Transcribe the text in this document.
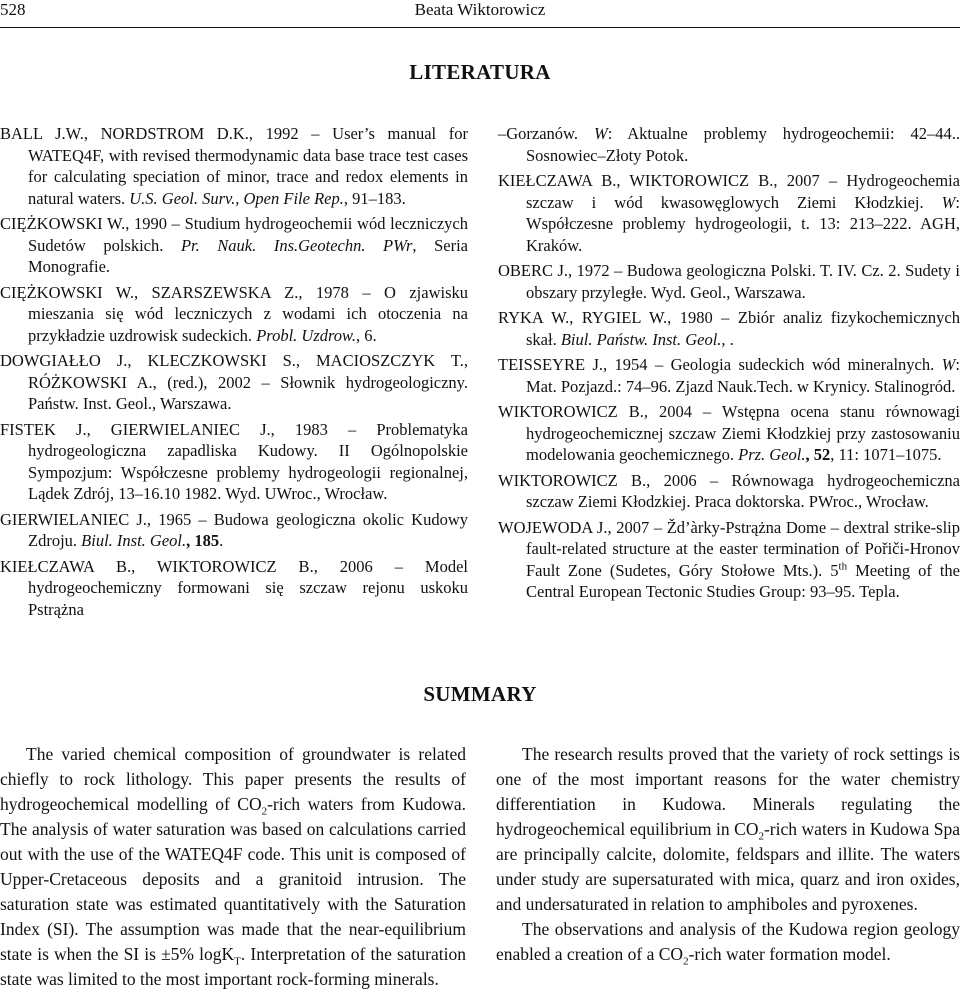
528	Beata Wiktorowicz
LITERATURA

BALL J.W., NORDSTROM D.K., 1992 – User’s manual for WATEQ4F, with revised thermodynamic data base trace test cases for calculating speciation of minor, trace and redox elements in natural waters. U.S. Geol. Surv., Open File Rep., 91–183.

CIĘŻKOWSKI W., 1990 – Studium hydrogeochemii wód leczniczych Sudetów polskich. Pr. Nauk. Ins.Geotechn. PWr, Seria Monografie.

CIĘŻKOWSKI W., SZARSZEWSKA Z., 1978 – O zjawisku mieszania się wód leczniczych z wodami ich otoczenia na przykładzie uzdrowisk sudeckich. Probl. Uzdrow., 6.

DOWGIAŁŁO J., KLECZKOWSKI S., MACIOSZCZYK T., RÓŻKOWSKI A., (red.), 2002 – Słownik hydrogeologiczny. Państw. Inst. Geol., Warszawa.

FISTEK J., GIERWIELANIEC J., 1983 – Problematyka hydrogeologiczna zapadliska Kudowy. II Ogólnopolskie Sympozjum: Współczesne problemy hydrogeologii regionalnej, Lądek Zdrój, 13–16.10 1982. Wyd. UWroc., Wrocław.

GIERWIELANIEC J., 1965 – Budowa geologiczna okolic Kudowy Zdroju. Biul. Inst. Geol., 185.

KIEŁCZAWA B., WIKTOROWICZ B., 2006 – Model hydrogeochemiczny formowani się szczaw rejonu uskoku Pstrążna

–Gorzanów. W: Aktualne problemy hydrogeochemii: 42–44.. Sosnowiec–Złoty Potok.

KIEŁCZAWA B., WIKTOROWICZ B., 2007 – Hydrogeochemia szczaw i wód kwasowęglowych Ziemi Kłodzkiej. W: Współczesne problemy hydrogeologii, t. 13: 213–222. AGH, Kraków.

OBERC J., 1972 – Budowa geologiczna Polski. T. IV. Cz. 2. Sudety i obszary przyległe. Wyd. Geol., Warszawa.

RYKA W., RYGIEL W., 1980 – Zbiór analiz fizykochemicznych skał. Biul. Państw. Inst. Geol., .

TEISSEYRE J., 1954 – Geologia sudeckich wód mineralnych. W: Mat. Pozjazd.: 74–96. Zjazd Nauk.Tech. w Krynicy. Stalinogród.

WIKTOROWICZ B., 2004 – Wstępna ocena stanu równowagi hydrogeochemicznej szczaw Ziemi Kłodzkiej przy zastosowaniu modelowania geochemicznego. Prz. Geol., 52, 11: 1071–1075.

WIKTOROWICZ B., 2006 – Równowaga hydrogeochemiczna szczaw Ziemi Kłodzkiej. Praca doktorska. PWroc., Wrocław.

WOJEWODA J., 2007 – Žd’àrky-Pstrążna Dome – dextral strike-slip fault-related structure at the easter termination of Pořiči-Hronov Fault Zone (Sudetes, Góry Stołowe Mts.). 5th Meeting of the Central European Tectonic Studies Group: 93–95. Tepla.

SUMMARY

The varied chemical composition of groundwater is related chiefly to rock lithology. This paper presents the results of hydrogeochemical modelling of $CO_2$-rich waters from Kudowa. The analysis of water saturation was based on calculations carried out with the use of the WATEQ4F code. This unit is composed of Upper-Cretaceous deposits and a granitoid intrusion. The saturation state was estimated quantitatively with the Saturation Index (SI). The assumption was made that the near-equilibrium state is when the SI is ±5% logK$_T$. Interpretation of the saturation state was limited to the most important rock-forming minerals.

The research results proved that the variety of rock settings is one of the most important reasons for the water chemistry differentiation in Kudowa. Minerals regulating the hydrogeochemical equilibrium in $CO_2$-rich waters in Kudowa Spa are principally calcite, dolomite, feldspars and illite. The waters under study are supersaturated with mica, quarz and iron oxides, and undersaturated in relation to amphiboles and pyroxenes.

The observations and analysis of the Kudowa region geology enabled a creation of a $CO_2$-rich water formation model.
